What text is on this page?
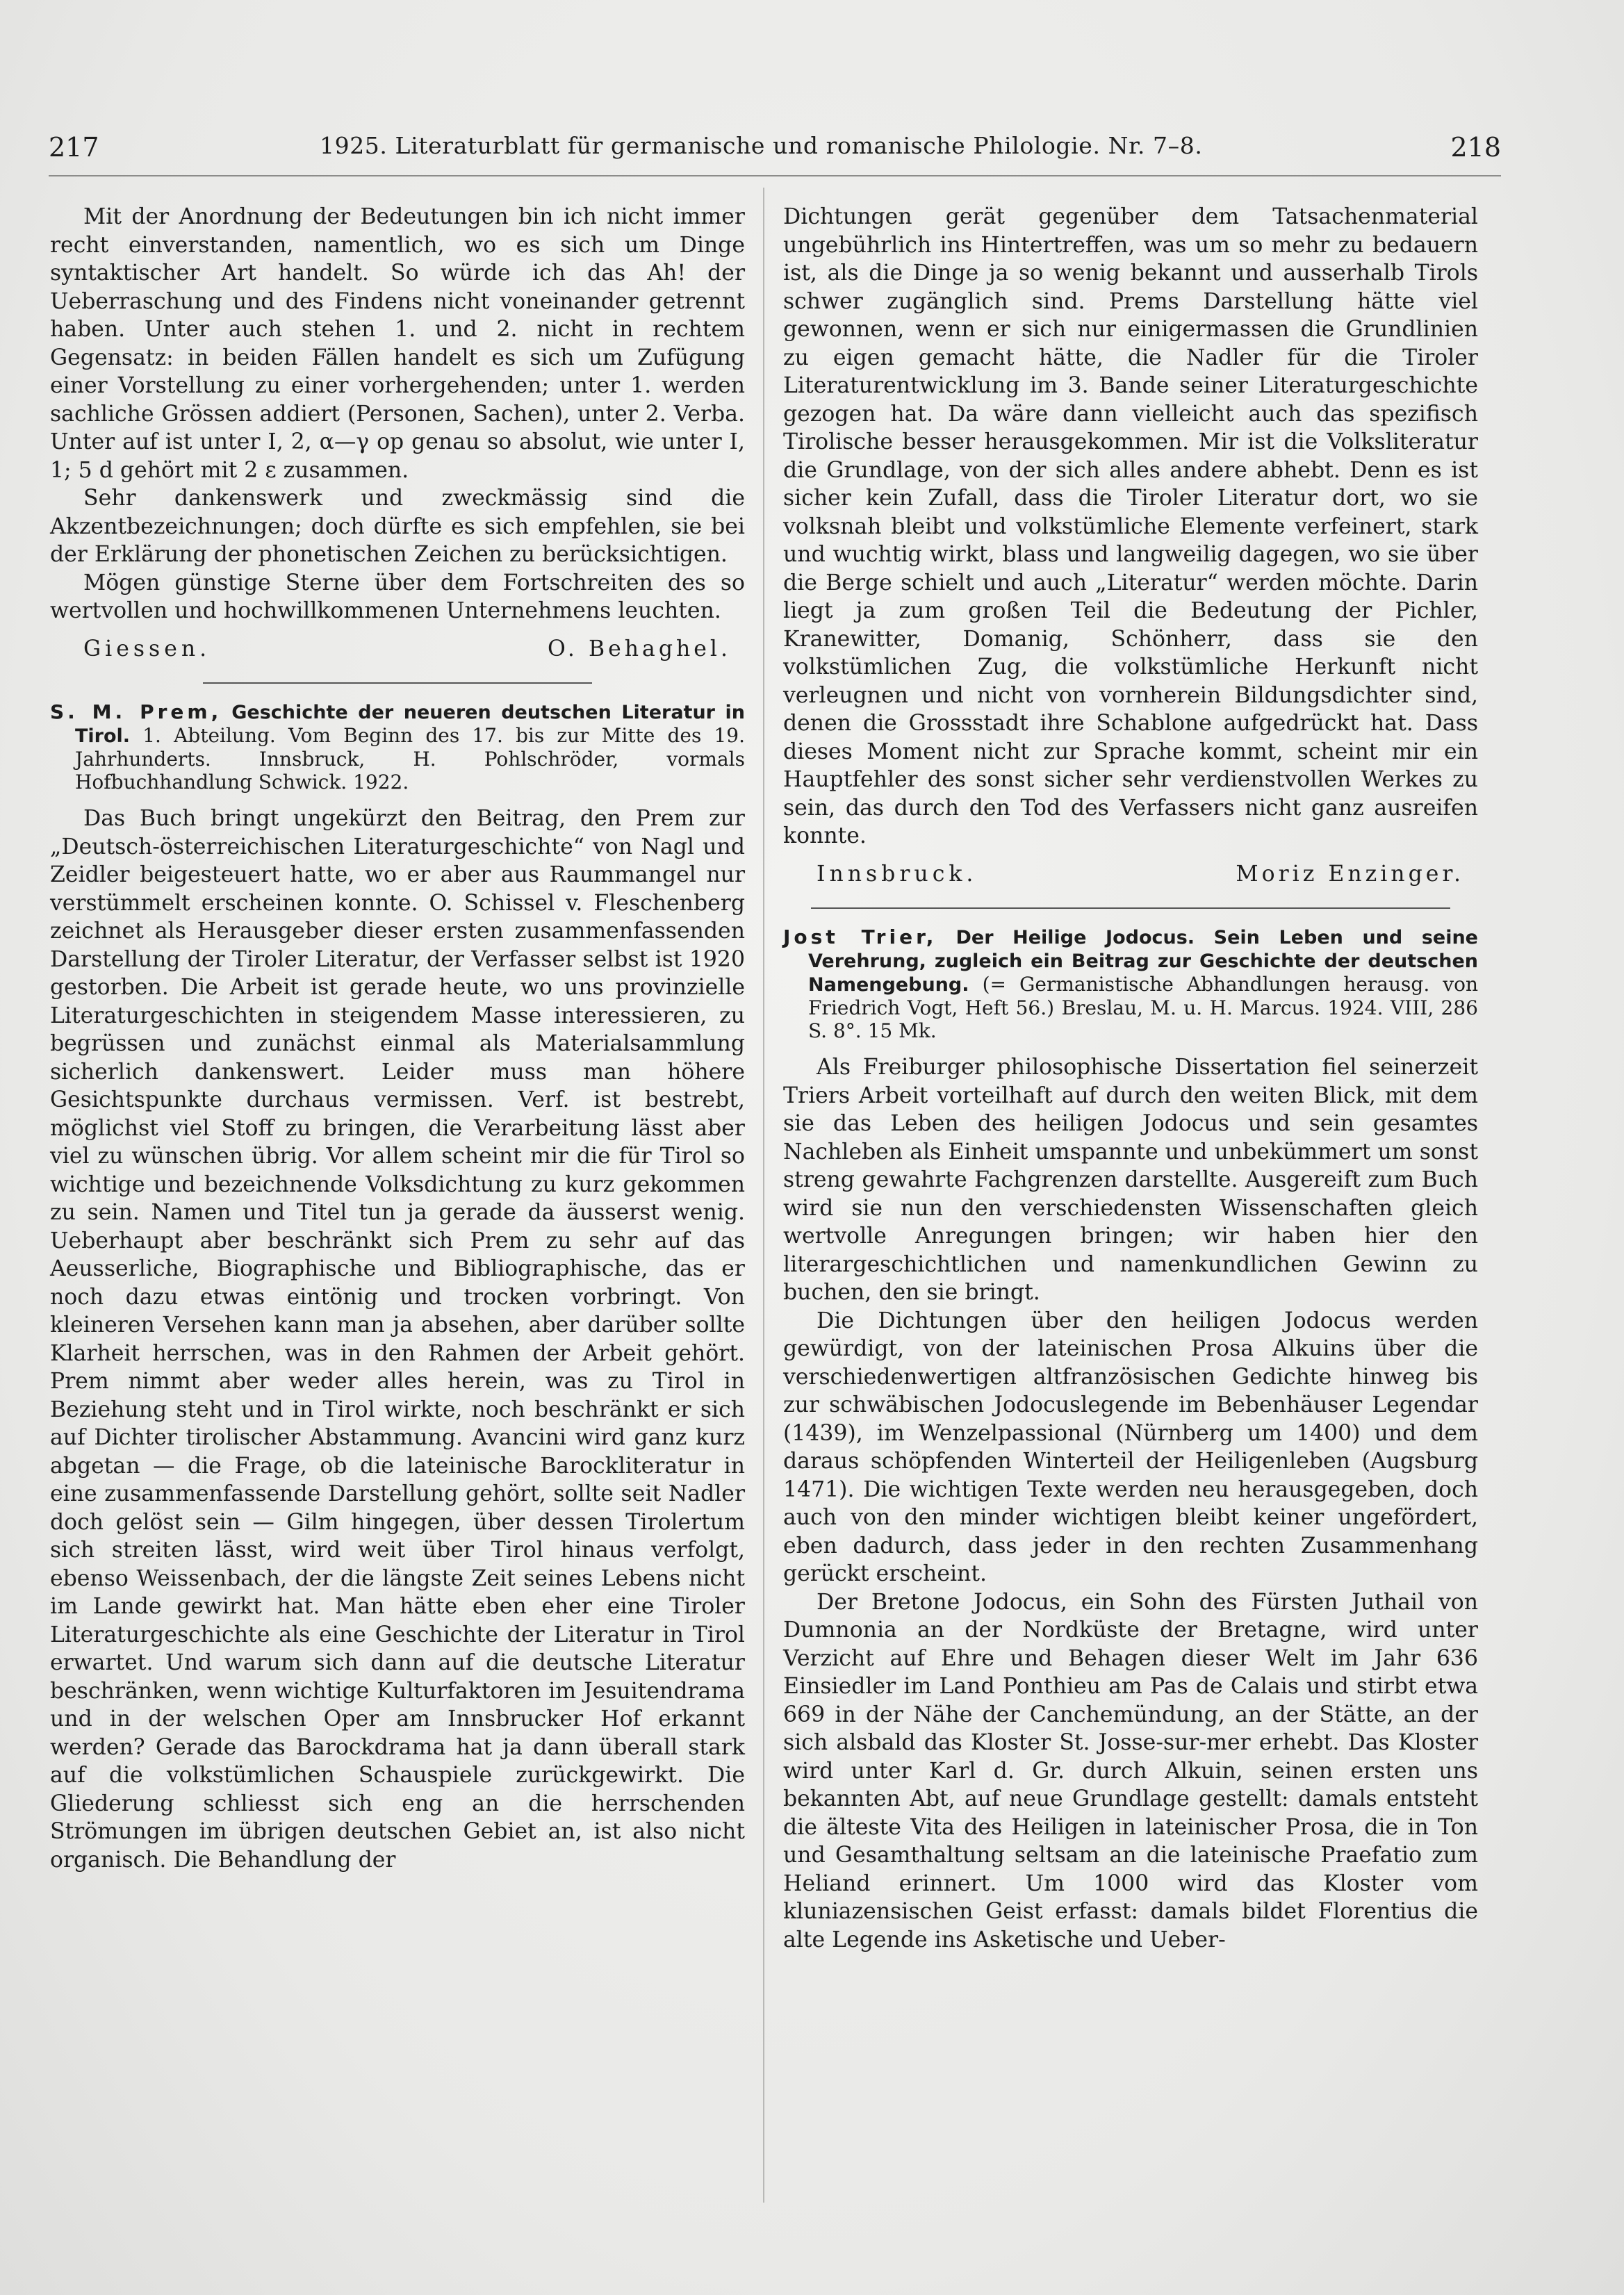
217	1925. Literaturblatt für germanische und romanische Philologie. Nr. 7–8.	218

Mit der Anordnung der Bedeutungen bin ich nicht immer recht einverstanden, namentlich, wo es sich um Dinge syntaktischer Art handelt. So würde ich das Ah! der Ueberraschung und des Findens nicht voneinander getrennt haben. Unter auch stehen 1. und 2. nicht in rechtem Gegensatz: in beiden Fällen handelt es sich um Zufügung einer Vorstellung zu einer vorhergehenden; unter 1. werden sachliche Grössen addiert (Personen, Sachen), unter 2. Verba. Unter auf ist unter I, 2, α—γ op genau so absolut, wie unter I, 1; 5 d gehört mit 2 ε zusammen.

Sehr dankenswerk und zweckmässig sind die Akzentbezeichnungen; doch dürfte es sich empfehlen, sie bei der Erklärung der phonetischen Zeichen zu berücksichtigen.

Mögen günstige Sterne über dem Fortschreiten des so wertvollen und hochwillkommenen Unternehmens leuchten.

Giessen.	O. Behaghel.
S. M. Prem, Geschichte der neueren deutschen Literatur in Tirol. 1. Abteilung. Vom Beginn des 17. bis zur Mitte des 19. Jahrhunderts. Innsbruck, H. Pohlschröder, vormals Hofbuchhandlung Schwick. 1922.

Das Buch bringt ungekürzt den Beitrag, den Prem zur „Deutsch-österreichischen Literaturgeschichte“ von Nagl und Zeidler beigesteuert hatte, wo er aber aus Raummangel nur verstümmelt erscheinen konnte. O. Schissel v. Fleschenberg zeichnet als Herausgeber dieser ersten zusammenfassenden Darstellung der Tiroler Literatur, der Verfasser selbst ist 1920 gestorben. Die Arbeit ist gerade heute, wo uns provinzielle Literaturgeschichten in steigendem Masse interessieren, zu begrüssen und zunächst einmal als Materialsammlung sicherlich dankenswert. Leider muss man höhere Gesichtspunkte durchaus vermissen. Verf. ist bestrebt, möglichst viel Stoff zu bringen, die Verarbeitung lässt aber viel zu wünschen übrig. Vor allem scheint mir die für Tirol so wichtige und bezeichnende Volksdichtung zu kurz gekommen zu sein. Namen und Titel tun ja gerade da äusserst wenig. Ueberhaupt aber beschränkt sich Prem zu sehr auf das Aeusserliche, Biographische und Bibliographische, das er noch dazu etwas eintönig und trocken vorbringt. Von kleineren Versehen kann man ja absehen, aber darüber sollte Klarheit herrschen, was in den Rahmen der Arbeit gehört. Prem nimmt aber weder alles herein, was zu Tirol in Beziehung steht und in Tirol wirkte, noch beschränkt er sich auf Dichter tirolischer Abstammung. Avancini wird ganz kurz abgetan — die Frage, ob die lateinische Barockliteratur in eine zusammenfassende Darstellung gehört, sollte seit Nadler doch gelöst sein — Gilm hingegen, über dessen Tirolertum sich streiten lässt, wird weit über Tirol hinaus verfolgt, ebenso Weissenbach, der die längste Zeit seines Lebens nicht im Lande gewirkt hat. Man hätte eben eher eine Tiroler Literaturgeschichte als eine Geschichte der Literatur in Tirol erwartet. Und warum sich dann auf die deutsche Literatur beschränken, wenn wichtige Kulturfaktoren im Jesuitendrama und in der welschen Oper am Innsbrucker Hof erkannt werden? Gerade das Barockdrama hat ja dann überall stark auf die volkstümlichen Schauspiele zurückgewirkt. Die Gliederung schliesst sich eng an die herrschenden Strömungen im übrigen deutschen Gebiet an, ist also nicht organisch. Die Behandlung der

Dichtungen gerät gegenüber dem Tatsachenmaterial ungebührlich ins Hintertreffen, was um so mehr zu bedauern ist, als die Dinge ja so wenig bekannt und ausserhalb Tirols schwer zugänglich sind. Prems Darstellung hätte viel gewonnen, wenn er sich nur einigermassen die Grundlinien zu eigen gemacht hätte, die Nadler für die Tiroler Literaturentwicklung im 3. Bande seiner Literaturgeschichte gezogen hat. Da wäre dann vielleicht auch das spezifisch Tirolische besser herausgekommen. Mir ist die Volksliteratur die Grundlage, von der sich alles andere abhebt. Denn es ist sicher kein Zufall, dass die Tiroler Literatur dort, wo sie volksnah bleibt und volkstümliche Elemente verfeinert, stark und wuchtig wirkt, blass und langweilig dagegen, wo sie über die Berge schielt und auch „Literatur“ werden möchte. Darin liegt ja zum großen Teil die Bedeutung der Pichler, Kranewitter, Domanig, Schönherr, dass sie den volkstümlichen Zug, die volkstümliche Herkunft nicht verleugnen und nicht von vornherein Bildungsdichter sind, denen die Grossstadt ihre Schablone aufgedrückt hat. Dass dieses Moment nicht zur Sprache kommt, scheint mir ein Hauptfehler des sonst sicher sehr verdienstvollen Werkes zu sein, das durch den Tod des Verfassers nicht ganz ausreifen konnte.

Innsbruck.	Moriz Enzinger.
Jost Trier, Der Heilige Jodocus. Sein Leben und seine Verehrung, zugleich ein Beitrag zur Geschichte der deutschen Namengebung. (= Germanistische Abhandlungen herausg. von Friedrich Vogt, Heft 56.) Breslau, M. u. H. Marcus. 1924. VIII, 286 S. 8°. 15 Mk.

Als Freiburger philosophische Dissertation fiel seinerzeit Triers Arbeit vorteilhaft auf durch den weiten Blick, mit dem sie das Leben des heiligen Jodocus und sein gesamtes Nachleben als Einheit umspannte und unbekümmert um sonst streng gewahrte Fachgrenzen darstellte. Ausgereift zum Buch wird sie nun den verschiedensten Wissenschaften gleich wertvolle Anregungen bringen; wir haben hier den literargeschichtlichen und namenkundlichen Gewinn zu buchen, den sie bringt.

Die Dichtungen über den heiligen Jodocus werden gewürdigt, von der lateinischen Prosa Alkuins über die verschiedenwertigen altfranzösischen Gedichte hinweg bis zur schwäbischen Jodocuslegende im Bebenhäuser Legendar (1439), im Wenzelpassional (Nürnberg um 1400) und dem daraus schöpfenden Winterteil der Heiligenleben (Augsburg 1471). Die wichtigen Texte werden neu herausgegeben, doch auch von den minder wichtigen bleibt keiner ungefördert, eben dadurch, dass jeder in den rechten Zusammenhang gerückt erscheint.

Der Bretone Jodocus, ein Sohn des Fürsten Juthail von Dumnonia an der Nordküste der Bretagne, wird unter Verzicht auf Ehre und Behagen dieser Welt im Jahr 636 Einsiedler im Land Ponthieu am Pas de Calais und stirbt etwa 669 in der Nähe der Canchemündung, an der Stätte, an der sich alsbald das Kloster St. Josse-sur-mer erhebt. Das Kloster wird unter Karl d. Gr. durch Alkuin, seinen ersten uns bekannten Abt, auf neue Grundlage gestellt: damals entsteht die älteste Vita des Heiligen in lateinischer Prosa, die in Ton und Gesamthaltung seltsam an die lateinische Praefatio zum Heliand erinnert. Um 1000 wird das Kloster vom kluniazensischen Geist erfasst: damals bildet Florentius die alte Legende ins Asketische und Ueber-
